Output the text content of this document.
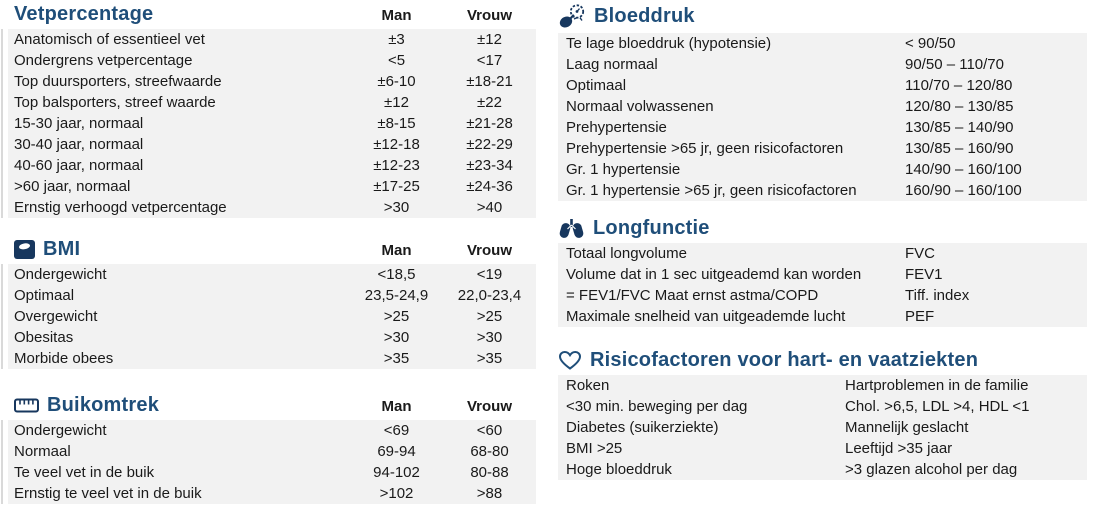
Vetpercentage	Man	Vrouw
Anatomisch of essentieel vet	±3	±12
Ondergrens vetpercentage	<5	<17
Top duursporters, streefwaarde	±6-10	±18-21
Top balsporters, streef waarde	±12	±22
15-30 jaar, normaal	±8-15	±21-28
30-40 jaar, normaal	±12-18	±22-29
40-60 jaar, normaal	±12-23	±23-34
>60 jaar, normaal	±17-25	±24-36
Ernstig verhoogd vetpercentage	>30	>40
BMI	Man	Vrouw
Ondergewicht	<18,5	<19
Optimaal	23,5-24,9	22,0-23,4
Overgewicht	>25	>25
Obesitas	>30	>30
Morbide obees	>35	>35
Buikomtrek	Man	Vrouw
Ondergewicht	<69	<60
Normaal	69-94	68-80
Te veel vet in de buik	94-102	80-88
Ernstig te veel vet in de buik	>102	>88
Bloeddruk
Te lage bloeddruk (hypotensie)	< 90/50
Laag normaal	90/50 – 110/70
Optimaal	110/70 – 120/80
Normaal volwassenen	120/80 – 130/85
Prehypertensie	130/85 – 140/90
Prehypertensie >65 jr, geen risicofactoren	130/85 – 160/90
Gr. 1 hypertensie	140/90 – 160/100
Gr. 1 hypertensie >65 jr, geen risicofactoren	160/90 – 160/100
Longfunctie
Totaal longvolume	FVC
Volume dat in 1 sec uitgeademd kan worden	FEV1
= FEV1/FVC Maat ernst astma/COPD	Tiff. index
Maximale snelheid van uitgeademde lucht	PEF
Risicofactoren voor hart- en vaatziekten
Roken	Hartproblemen in de familie
<30 min. beweging per dag	Chol. >6,5, LDL >4, HDL <1
Diabetes (suikerziekte)	Mannelijk geslacht
BMI >25	Leeftijd >35 jaar
Hoge bloeddruk	>3 glazen alcohol per dag
